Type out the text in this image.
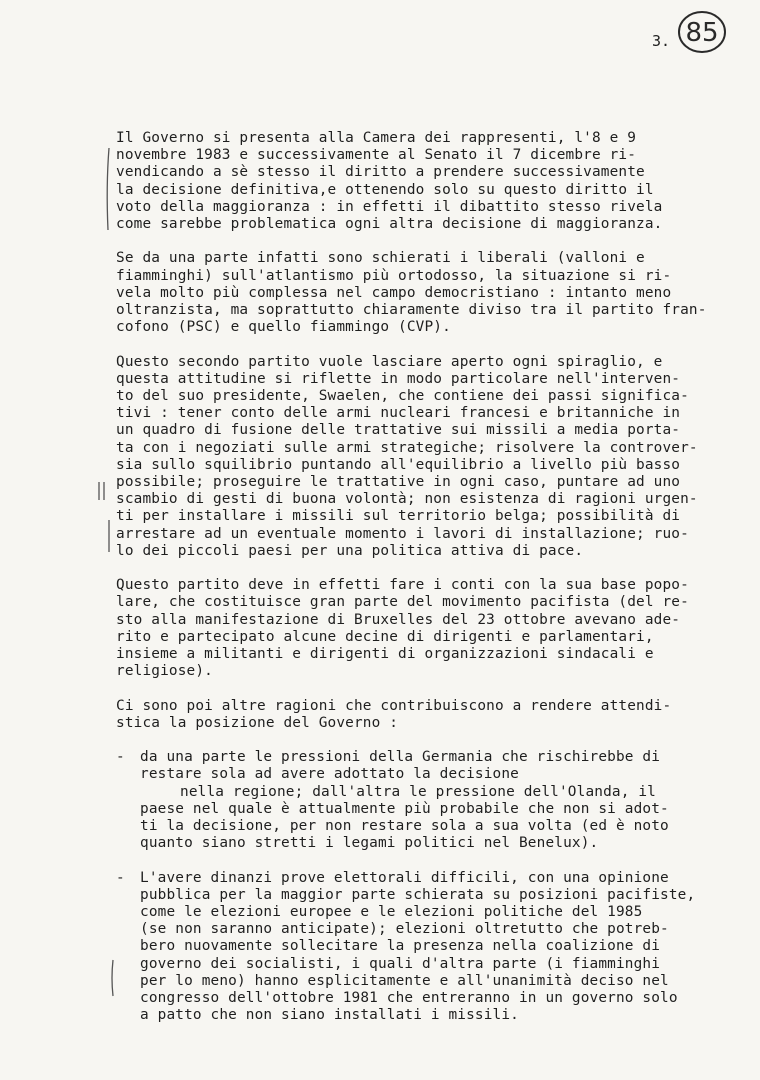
85
3.
Il Governo si presenta alla Camera dei rappresenti, l'8 e 9
novembre 1983 e successivamente al Senato il 7 dicembre ri-
vendicando a sè stesso il diritto a prendere successivamente
la decisione definitiva,e ottenendo solo su questo diritto il
voto della maggioranza : in effetti il dibattito stesso rivela
come sarebbe problematica ogni altra decisione di maggioranza.
Se da una parte infatti sono schierati i liberali (valloni e
fiamminghi) sull'atlantismo più ortodosso, la situazione si ri-
vela molto più complessa nel campo democristiano : intanto meno
oltranzista, ma soprattutto chiaramente diviso tra il partito fran-
cofono (PSC) e quello fiammingo (CVP).
Questo secondo partito vuole lasciare aperto ogni spiraglio, e
questa attitudine si riflette in modo particolare nell'interven-
to del suo presidente, Swaelen, che contiene dei passi significa-
tivi : tener conto delle armi nucleari francesi e britanniche in
un quadro di fusione delle trattative sui missili a media porta-
ta con i negoziati sulle armi strategiche; risolvere la controver-
sia sullo squilibrio puntando all'equilibrio a livello più basso
possibile; proseguire le trattative in ogni caso, puntare ad uno
scambio di gesti di buona volontà; non esistenza di ragioni urgen-
ti per installare i missili sul territorio belga; possibilità di
arrestare ad un eventuale momento i lavori di installazione; ruo-
lo dei piccoli paesi per una politica attiva di pace.
Questo partito deve in effetti fare i conti con la sua base popo-
lare, che costituisce gran parte del movimento pacifista (del re-
sto alla manifestazione di Bruxelles del 23 ottobre avevano ade-
rito e partecipato alcune decine di dirigenti e parlamentari,
insieme a militanti e dirigenti di organizzazioni sindacali e
religiose).
Ci sono poi altre ragioni che contribuiscono a rendere attendi-
stica la posizione del Governo :
-	da una parte le pressioni della Germania che rischirebbe di
restare sola ad avere adottato la decisione
nella regione; dall'altra le pressione dell'Olanda, il
paese nel quale è attualmente più probabile che non si adot-
ti la decisione, per non restare sola a sua volta (ed è noto
quanto siano stretti i legami politici nel Benelux).
-	L'avere dinanzi prove elettorali difficili, con una opinione
pubblica per la maggior parte schierata su posizioni pacifiste,
come le elezioni europee e le elezioni politiche del 1985
(se non saranno anticipate); elezioni oltretutto che potreb-
bero nuovamente sollecitare la presenza nella coalizione di
governo dei socialisti, i quali d'altra parte (i fiamminghi
per lo meno) hanno esplicitamente e all'unanimità deciso nel
congresso dell'ottobre 1981 che entreranno in un governo solo
a patto che non siano installati i missili.
